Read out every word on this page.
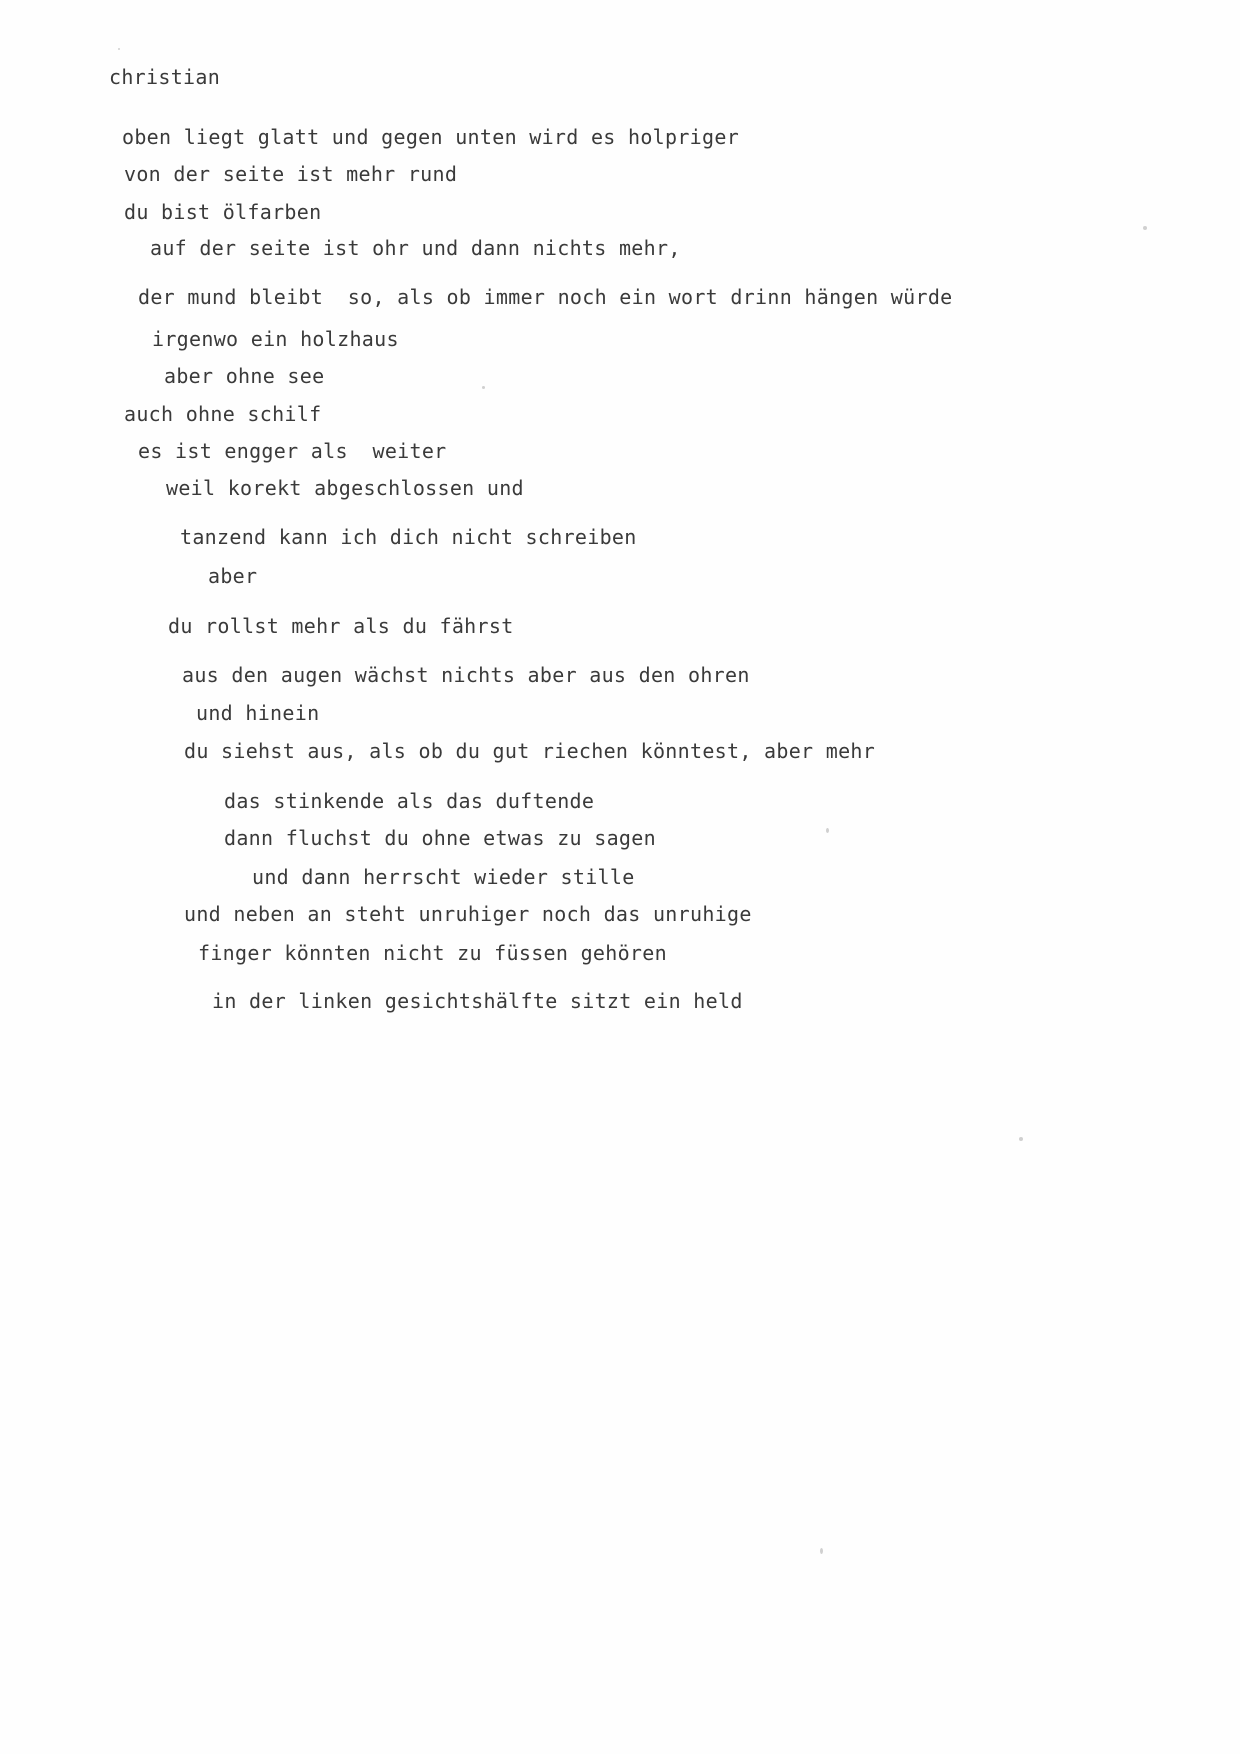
christian
oben liegt glatt und gegen unten wird es holpriger
von der seite ist mehr rund
du bist ölfarben
auf der seite ist ohr und dann nichts mehr,
der mund bleibt  so, als ob immer noch ein wort drinn hängen würde
irgenwo ein holzhaus
aber ohne see
auch ohne schilf
es ist engger als  weiter
weil korekt abgeschlossen und
tanzend kann ich dich nicht schreiben
aber
du rollst mehr als du fährst
aus den augen wächst nichts aber aus den ohren
und hinein
du siehst aus, als ob du gut riechen könntest, aber mehr
das stinkende als das duftende
dann fluchst du ohne etwas zu sagen
und dann herrscht wieder stille
und neben an steht unruhiger noch das unruhige
finger könnten nicht zu füssen gehören
in der linken gesichtshälfte sitzt ein held
